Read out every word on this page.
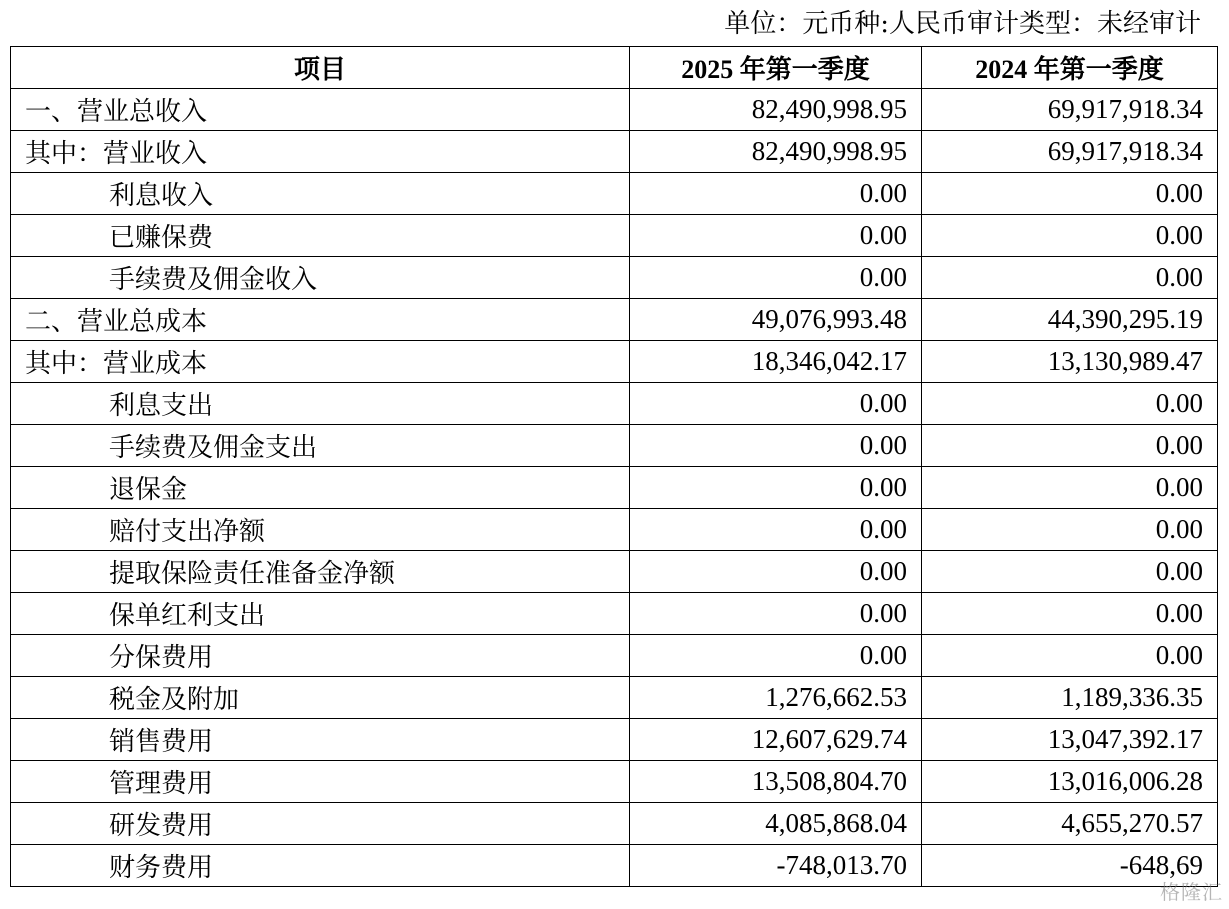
单位：元币种:人民币审计类型：未经审计
项目	2025 年第一季度	2024 年第一季度
一、营业总收入	82,490,998.95	69,917,918.34
其中：营业收入	82,490,998.95	69,917,918.34
利息收入	0.00	0.00
已赚保费	0.00	0.00
手续费及佣金收入	0.00	0.00
二、营业总成本	49,076,993.48	44,390,295.19
其中：营业成本	18,346,042.17	13,130,989.47
利息支出	0.00	0.00
手续费及佣金支出	0.00	0.00
退保金	0.00	0.00
赔付支出净额	0.00	0.00
提取保险责任准备金净额	0.00	0.00
保单红利支出	0.00	0.00
分保费用	0.00	0.00
税金及附加	1,276,662.53	1,189,336.35
销售费用	12,607,629.74	13,047,392.17
管理费用	13,508,804.70	13,016,006.28
研发费用	4,085,868.04	4,655,270.57
财务费用	-748,013.70	-648,69
格隆汇
